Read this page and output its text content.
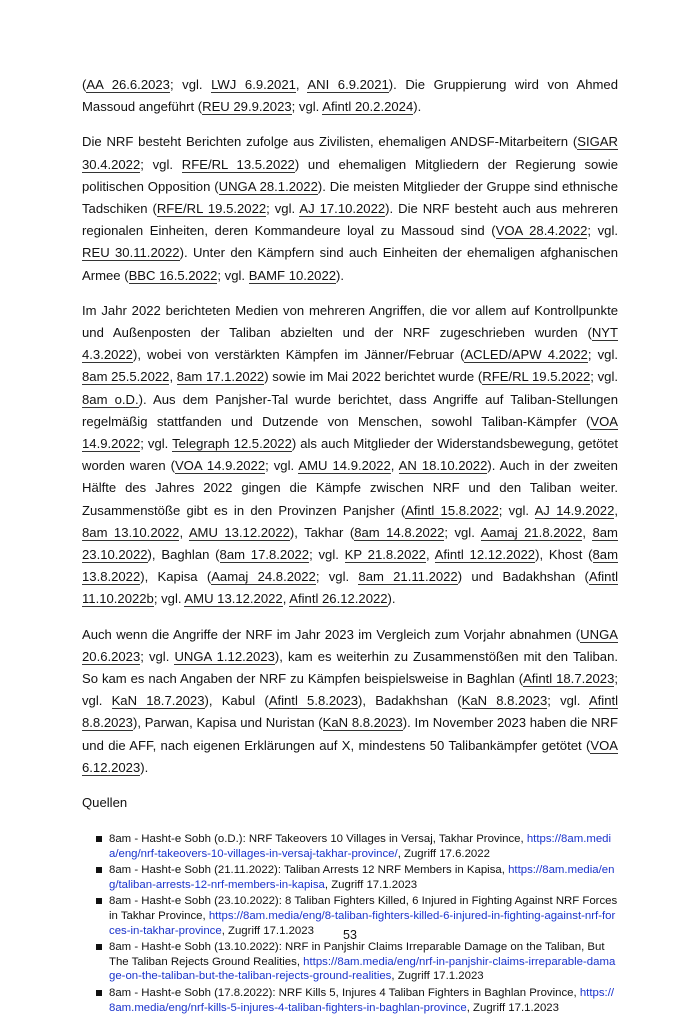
(AA 26.6.2023; vgl. LWJ 6.9.2021, ANI 6.9.2021). Die Gruppierung wird von Ahmed Massoud angeführt (REU 29.9.2023; vgl. Afintl 20.2.2024).

Die NRF besteht Berichten zufolge aus Zivilisten, ehemaligen ANDSF-Mitarbeitern (SIGAR 30.4.2022; vgl. RFE/RL 13.5.2022) und ehemaligen Mitgliedern der Regierung sowie politischen Opposition (UNGA 28.1.2022). Die meisten Mitglieder der Gruppe sind ethnische Tadschiken (RFE/RL 19.5.2022; vgl. AJ 17.10.2022). Die NRF besteht auch aus mehreren regionalen Einheiten, deren Kommandeure loyal zu Massoud sind (VOA 28.4.2022; vgl. REU 30.11.2022). Unter den Kämpfern sind auch Einheiten der ehemaligen afghanischen Armee (BBC 16.5.2022; vgl. BAMF 10.2022).

Im Jahr 2022 berichteten Medien von mehreren Angriffen, die vor allem auf Kontrollpunkte und Außenposten der Taliban abzielten und der NRF zugeschrieben wurden (NYT 4.3.2022), wobei von verstärkten Kämpfen im Jänner/Februar (ACLED/APW 4.2022; vgl. 8am 25.5.2022, 8am 17.1.2022) sowie im Mai 2022 berichtet wurde (RFE/RL 19.5.2022; vgl. 8am o.D.). Aus dem Panjsher-Tal wurde berichtet, dass Angriffe auf Taliban-Stellungen regelmäßig stattfanden und Dutzende von Menschen, sowohl Taliban-Kämpfer (VOA 14.9.2022; vgl. Telegraph 12.5.2022) als auch Mitglieder der Widerstandsbewegung, getötet worden waren (VOA 14.9.2022; vgl. AMU 14.9.2022, AN 18.10.2022). Auch in der zweiten Hälfte des Jahres 2022 gingen die Kämpfe zwischen NRF und den Taliban weiter. Zusammenstöße gibt es in den Provinzen Panjsher (Afintl 15.8.2022; vgl. AJ 14.9.2022, 8am 13.10.2022, AMU 13.12.2022), Takhar (8am 14.8.2022; vgl. Aamaj 21.8.2022, 8am 23.10.2022), Baghlan (8am 17.8.2022; vgl. KP 21.8.2022, Afintl 12.12.2022), Khost (8am 13.8.2022), Kapisa (Aamaj 24.8.2022; vgl. 8am 21.11.2022) und Badakhshan (Afintl 11.10.2022b; vgl. AMU 13.12.2022, Afintl 26.12.2022).

Auch wenn die Angriffe der NRF im Jahr 2023 im Vergleich zum Vorjahr abnahmen (UNGA 20.6.2023; vgl. UNGA 1.12.2023), kam es weiterhin zu Zusammenstößen mit den Taliban. So kam es nach Angaben der NRF zu Kämpfen beispielsweise in Baghlan (Afintl 18.7.2023; vgl. KaN 18.7.2023), Kabul (Afintl 5.8.2023), Badakhshan (KaN 8.8.2023; vgl. Afintl 8.8.2023), Parwan, Kapisa und Nuristan (KaN 8.8.2023). Im November 2023 haben die NRF und die AFF, nach eigenen Erklärungen auf X, mindestens 50 Talibankämpfer getötet (VOA 6.12.2023).

Quellen

8am - Hasht-e Sobh (o.D.): NRF Takeovers 10 Villages in Versaj, Takhar Province, https://8am.media/eng/nrf-takeovers-10-villages-in-versaj-takhar-province/, Zugriff 17.6.2022
8am - Hasht-e Sobh (21.11.2022): Taliban Arrests 12 NRF Members in Kapisa, https://8am.media/eng/taliban-arrests-12-nrf-members-in-kapisa, Zugriff 17.1.2023
8am - Hasht-e Sobh (23.10.2022): 8 Taliban Fighters Killed, 6 Injured in Fighting Against NRF Forces in Takhar Province, https://8am.media/eng/8-taliban-fighters-killed-6-injured-in-fighting-against-nrf-forces-in-takhar-province, Zugriff 17.1.2023
8am - Hasht-e Sobh (13.10.2022): NRF in Panjshir Claims Irreparable Damage on the Taliban, But The Taliban Rejects Ground Realities, https://8am.media/eng/nrf-in-panjshir-claims-irreparable-damage-on-the-taliban-but-the-taliban-rejects-ground-realities, Zugriff 17.1.2023
8am - Hasht-e Sobh (17.8.2022): NRF Kills 5, Injures 4 Taliban Fighters in Baghlan Province, https://8am.media/eng/nrf-kills-5-injures-4-taliban-fighters-in-baghlan-province, Zugriff 17.1.2023
53
